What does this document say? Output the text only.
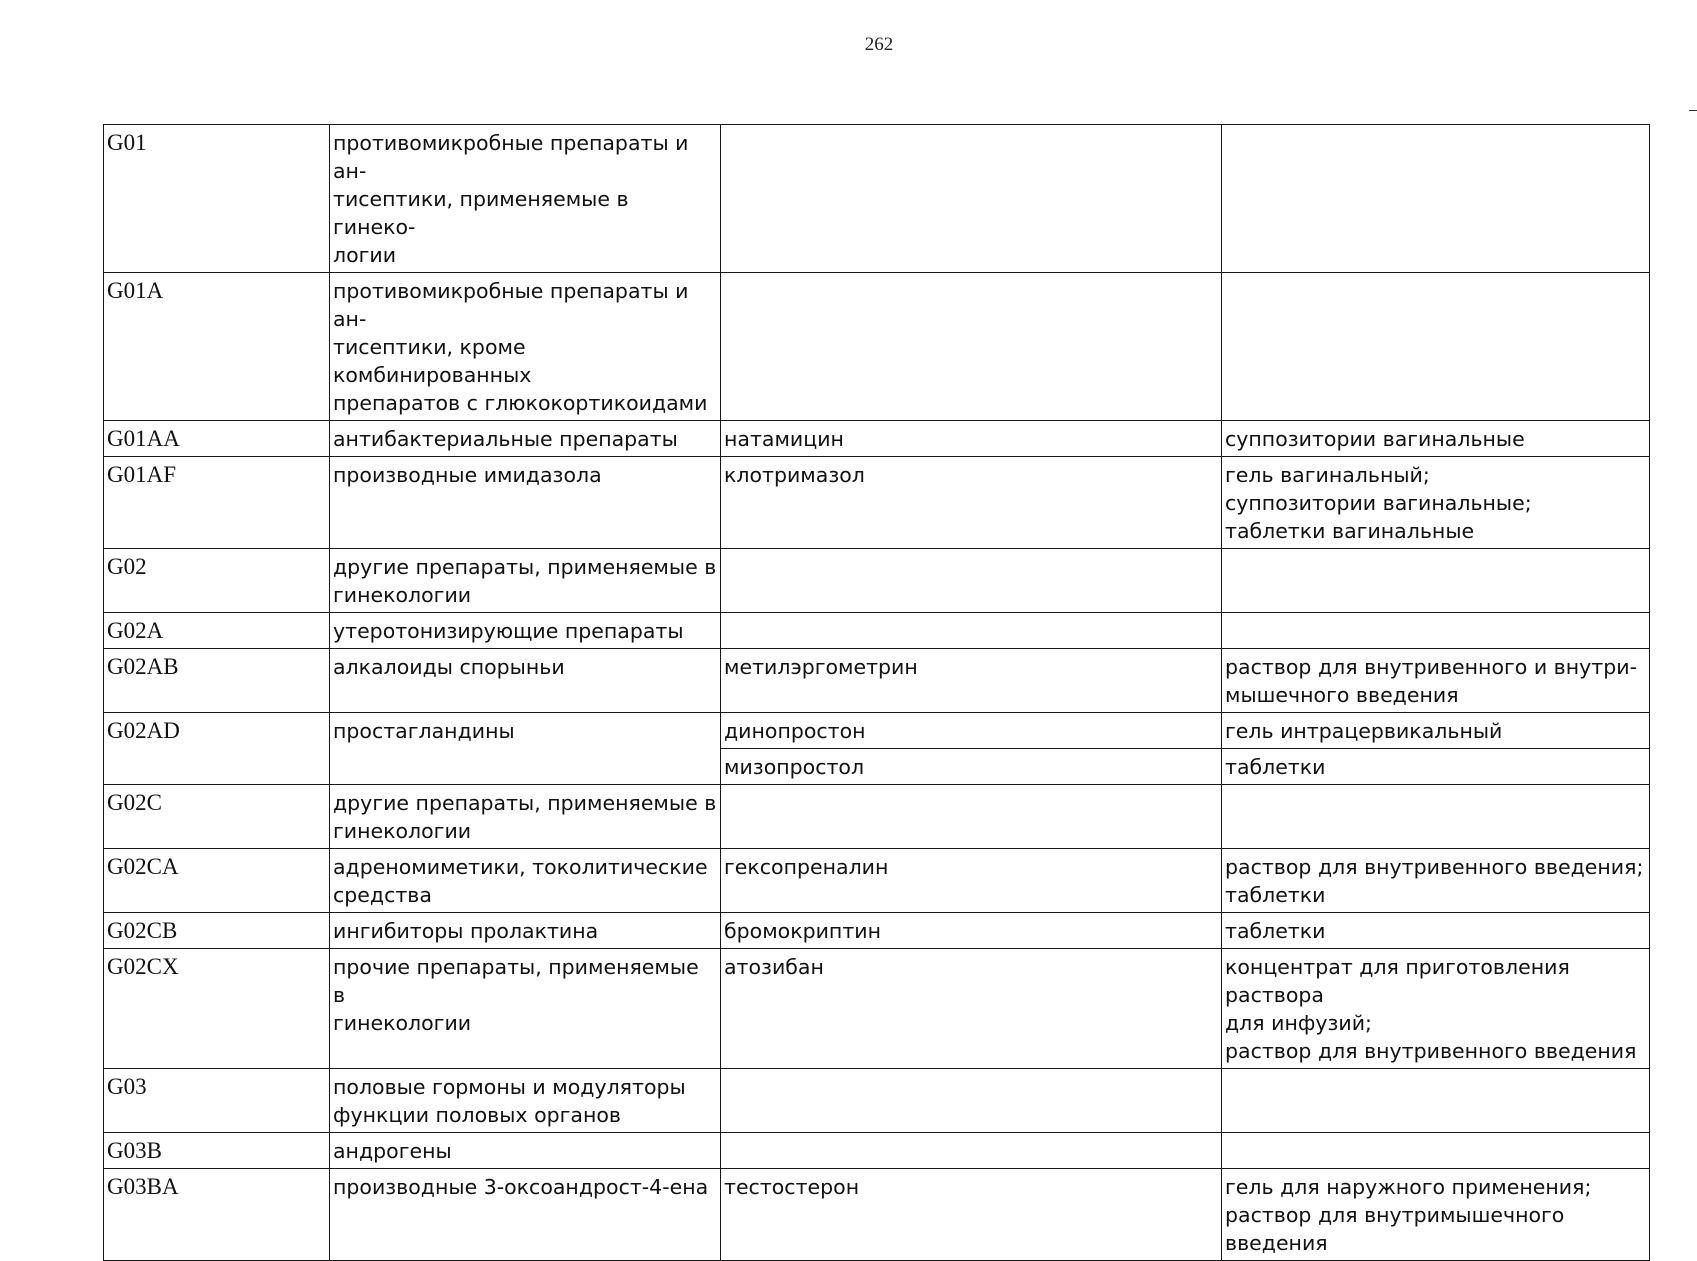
262
G01	противомикробные препараты и ан-
тисептики, применяемые в гинеко-
логии		

G01A	противомикробные препараты и ан-
тисептики, кроме комбинированных
препаратов с глюкокортикоидами		

G01AA	антибактериальные препараты	натамицин	суппозитории вагинальные

G01AF	производные имидазола	клотримазол	гель вагинальный;
суппозитории вагинальные;
таблетки вагинальные

G02	другие препараты, применяемые в
гинекологии		

G02A	утеротонизирующие препараты		

G02AB	алкалоиды спорыньи	метилэргометрин	раствор для внутривенного и внутри-
мышечного введения

G02AD	простагландины	динопростон	гель интрацервикальный

		мизопростол	таблетки

G02C	другие препараты, применяемые в
гинекологии		

G02CA	адреномиметики, токолитические
средства	гексопреналин	раствор для внутривенного введения;
таблетки

G02CB	ингибиторы пролактина	бромокриптин	таблетки

G02CX	прочие препараты, применяемые в
гинекологии	атозибан	концентрат для приготовления раствора
для инфузий;
раствор для внутривенного введения

G03	половые гормоны и модуляторы
функции половых органов		

G03B	андрогены		

G03BA	производные 3-оксоандрост-4-ена	тестостерон	гель для наружного применения;
раствор для внутримышечного введения
